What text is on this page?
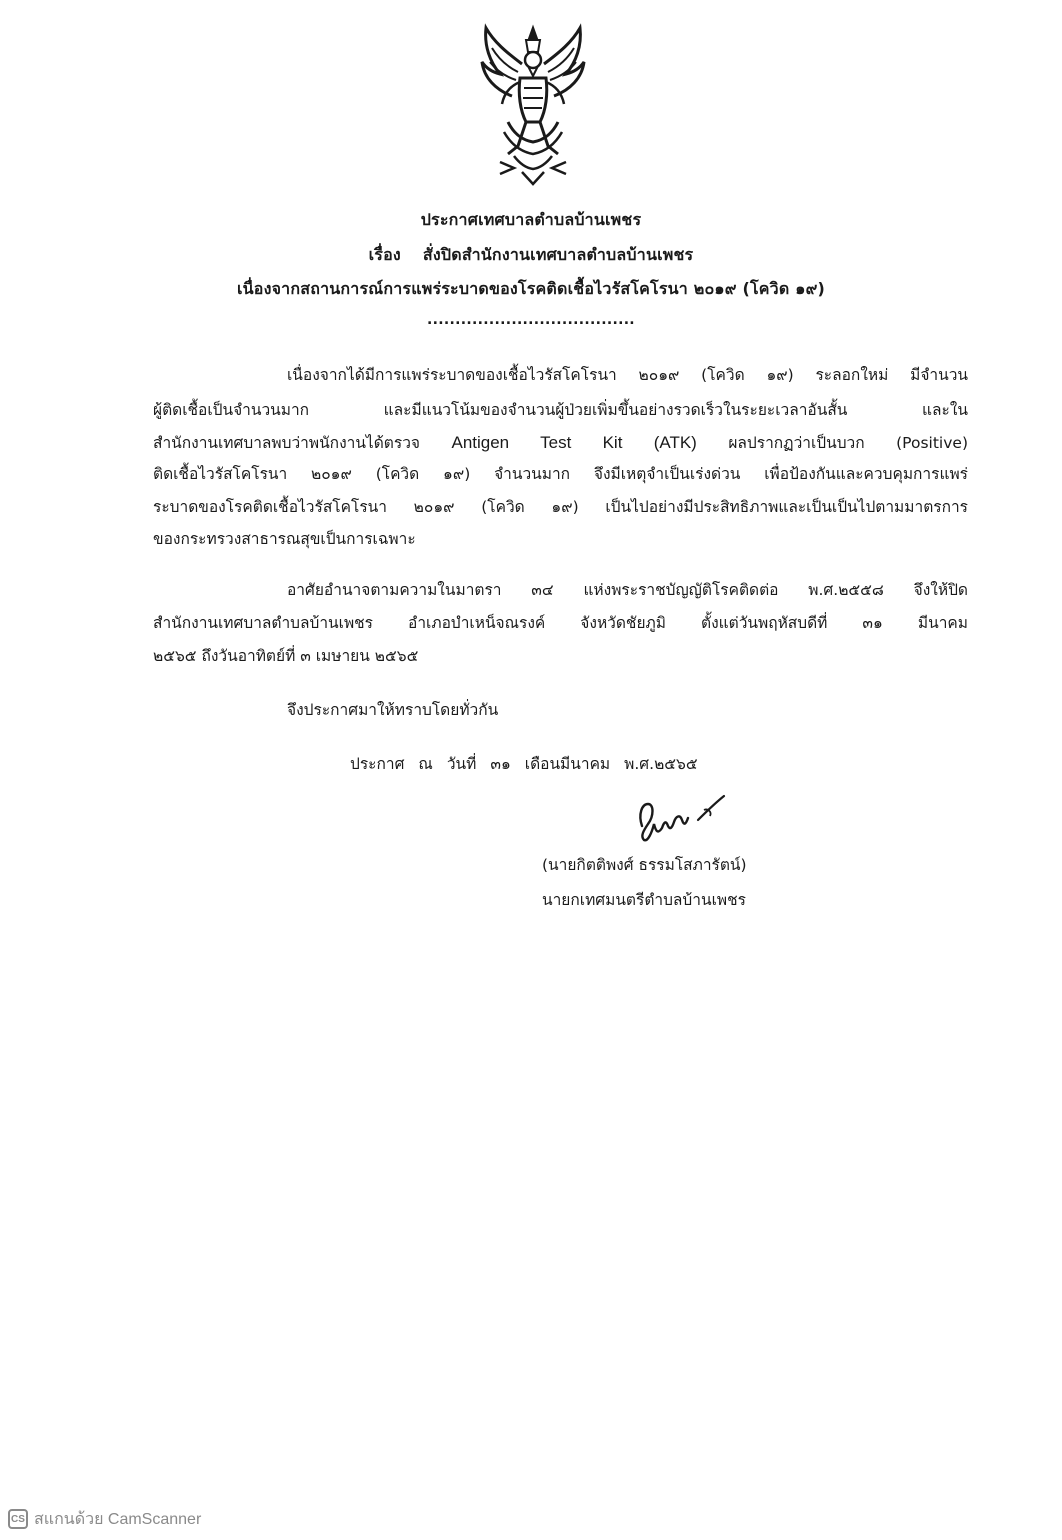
ประกาศเทศบาลตำบลบ้านเพชร
เรื่อง สั่งปิดสำนักงานเทศบาลตำบลบ้านเพชร
เนื่องจากสถานการณ์การแพร่ระบาดของโรคติดเชื้อไวรัสโคโรนา ๒๐๑๙ (โควิด ๑๙)
.....................................
เนื่องจากได้มีการแพร่ระบาดของเชื้อไวรัสโคโรนา ๒๐๑๙ (โควิด ๑๙) ระลอกใหม่ มีจำนวน
ผู้ติดเชื้อเป็นจำนวนมาก และมีแนวโน้มของจำนวนผู้ป่วยเพิ่มขึ้นอย่างรวดเร็วในระยะเวลาอันสั้น และใน
สำนักงานเทศบาลพบว่าพนักงานได้ตรวจ Antigen Test Kit (ATK) ผลปรากฏว่าเป็นบวก (Positive)
ติดเชื้อไวรัสโคโรนา ๒๐๑๙ (โควิด ๑๙) จำนวนมาก จึงมีเหตุจำเป็นเร่งด่วน เพื่อป้องกันและควบคุมการแพร่
ระบาดของโรคติดเชื้อไวรัสโคโรนา ๒๐๑๙ (โควิด ๑๙) เป็นไปอย่างมีประสิทธิภาพและเป็นเป็นไปตามมาตรการ
ของกระทรวงสาธารณสุขเป็นการเฉพาะ
อาศัยอำนาจตามความในมาตรา ๓๔ แห่งพระราชบัญญัติโรคติดต่อ พ.ศ.๒๕๕๘ จึงให้ปิด
สำนักงานเทศบาลตำบลบ้านเพชร อำเภอบำเหน็จณรงค์ จังหวัดชัยภูมิ ตั้งแต่วันพฤหัสบดีที่ ๓๑ มีนาคม
๒๕๖๕ ถึงวันอาทิตย์ที่ ๓ เมษายน ๒๕๖๕
จึงประกาศมาให้ทราบโดยทั่วกัน
ประกาศ ณ วันที่ ๓๑ เดือนมีนาคม พ.ศ.๒๕๖๕
(นายกิตติพงศ์ ธรรมโสภารัตน์)
นายกเทศมนตรีตำบลบ้านเพชร
CS สแกนด้วย CamScanner
